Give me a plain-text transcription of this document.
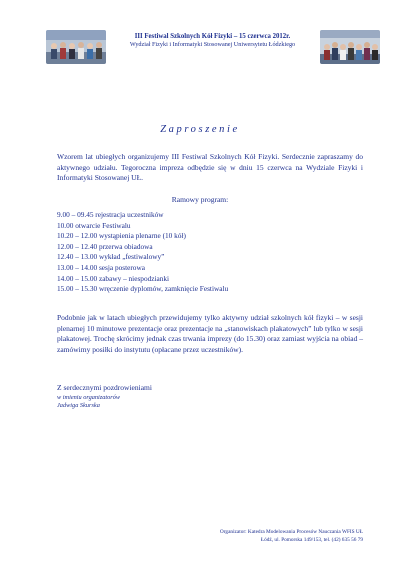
III Festiwal Szkolnych Kół Fizyki – 15 czerwca 2012r.
Wydział Fizyki i Informatyki Stosowanej Uniwersytetu Łódzkiego
Zaproszenie
Wzorem lat ubiegłych organizujemy III Festiwal Szkolnych Kół Fizyki. Serdecznie zapraszamy do aktywnego udziału. Tegoroczna impreza odbędzie się w dniu 15 czerwca na Wydziale Fizyki i Informatyki Stosowanej UŁ.
Ramowy program:
9.00 – 09.45 rejestracja uczestników
10.00 otwarcie Festiwalu
10.20 – 12.00 wystąpienia plenarne (10 kół)
12.00 – 12.40 przerwa obiadowa
12.40 – 13.00 wykład „festiwalowy”
13.00 – 14.00 sesja posterowa
14.00 – 15.00 zabawy – niespodzianki
15.00 – 15.30 wręczenie dyplomów, zamknięcie Festiwalu
Podobnie jak w latach ubiegłych przewidujemy tylko aktywny udział szkolnych kół fizyki – w sesji plenarnej 10 minutowe prezentacje oraz prezentacje na „stanowiskach plakatowych” lub tylko w sesji plakatowej. Trochę skrócimy jednak czas trwania imprezy (do 15.30) oraz zamiast wyjścia na obiad – zamówimy posiłki do instytutu (opłacane przez uczestników).
Z serdecznymi pozdrowieniami
w imieniu organizatorów
Jadwiga Skurska
Organizator: Katedra Modelowania Procesów Nauczania WFIS UŁ
Łódź, ul. Pomorska 149/153, tel. (42) 635 56 79
